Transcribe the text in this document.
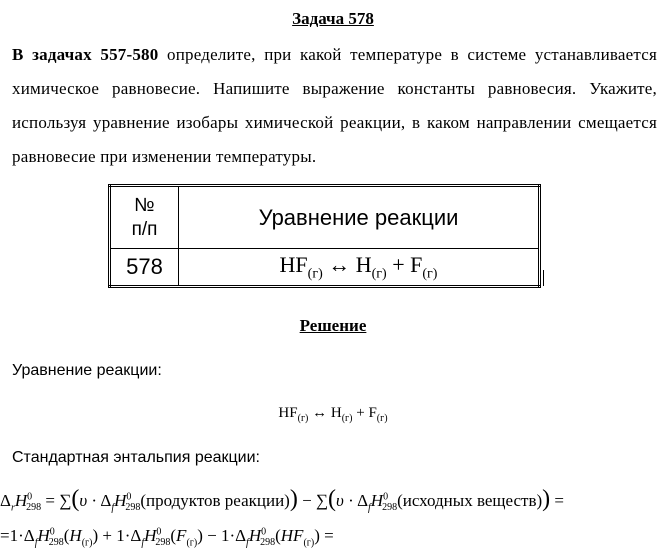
Задача 578
В задачах 557-580 определите, при какой температуре в системе устанавливается химическое равновесие. Напишите выражение константы равновесия. Укажите, используя уравнение изобары химической реакции, в каком направлении смещается равновесие при изменении температуры.
№
п/п	Уравнение реакции
578	$HF_{(г)}$ ↔ $H_{(г)} + F_{(г)}$
Решение
Уравнение реакции:
$HF_{(г)}$ ↔ $H_{(г)} + F_{(г)}$
Стандартная энтальпия реакции:
$\Delta_rH^0_{298} = \sum(\upsilon$ · $\Delta_fH^0_{298}(продуктов$ реакции)) − $\sum(\upsilon \cdot \Delta_fH^0_{298}(исходных$ веществ)) =
$=1\cdot\Delta_fH^0_{298}(H_{(г)}) + 1\cdot\Delta_fH^0_{298}(F_{(г)}) - 1\cdot\Delta_fH^0_{298}(HF_{(г)})$ =
